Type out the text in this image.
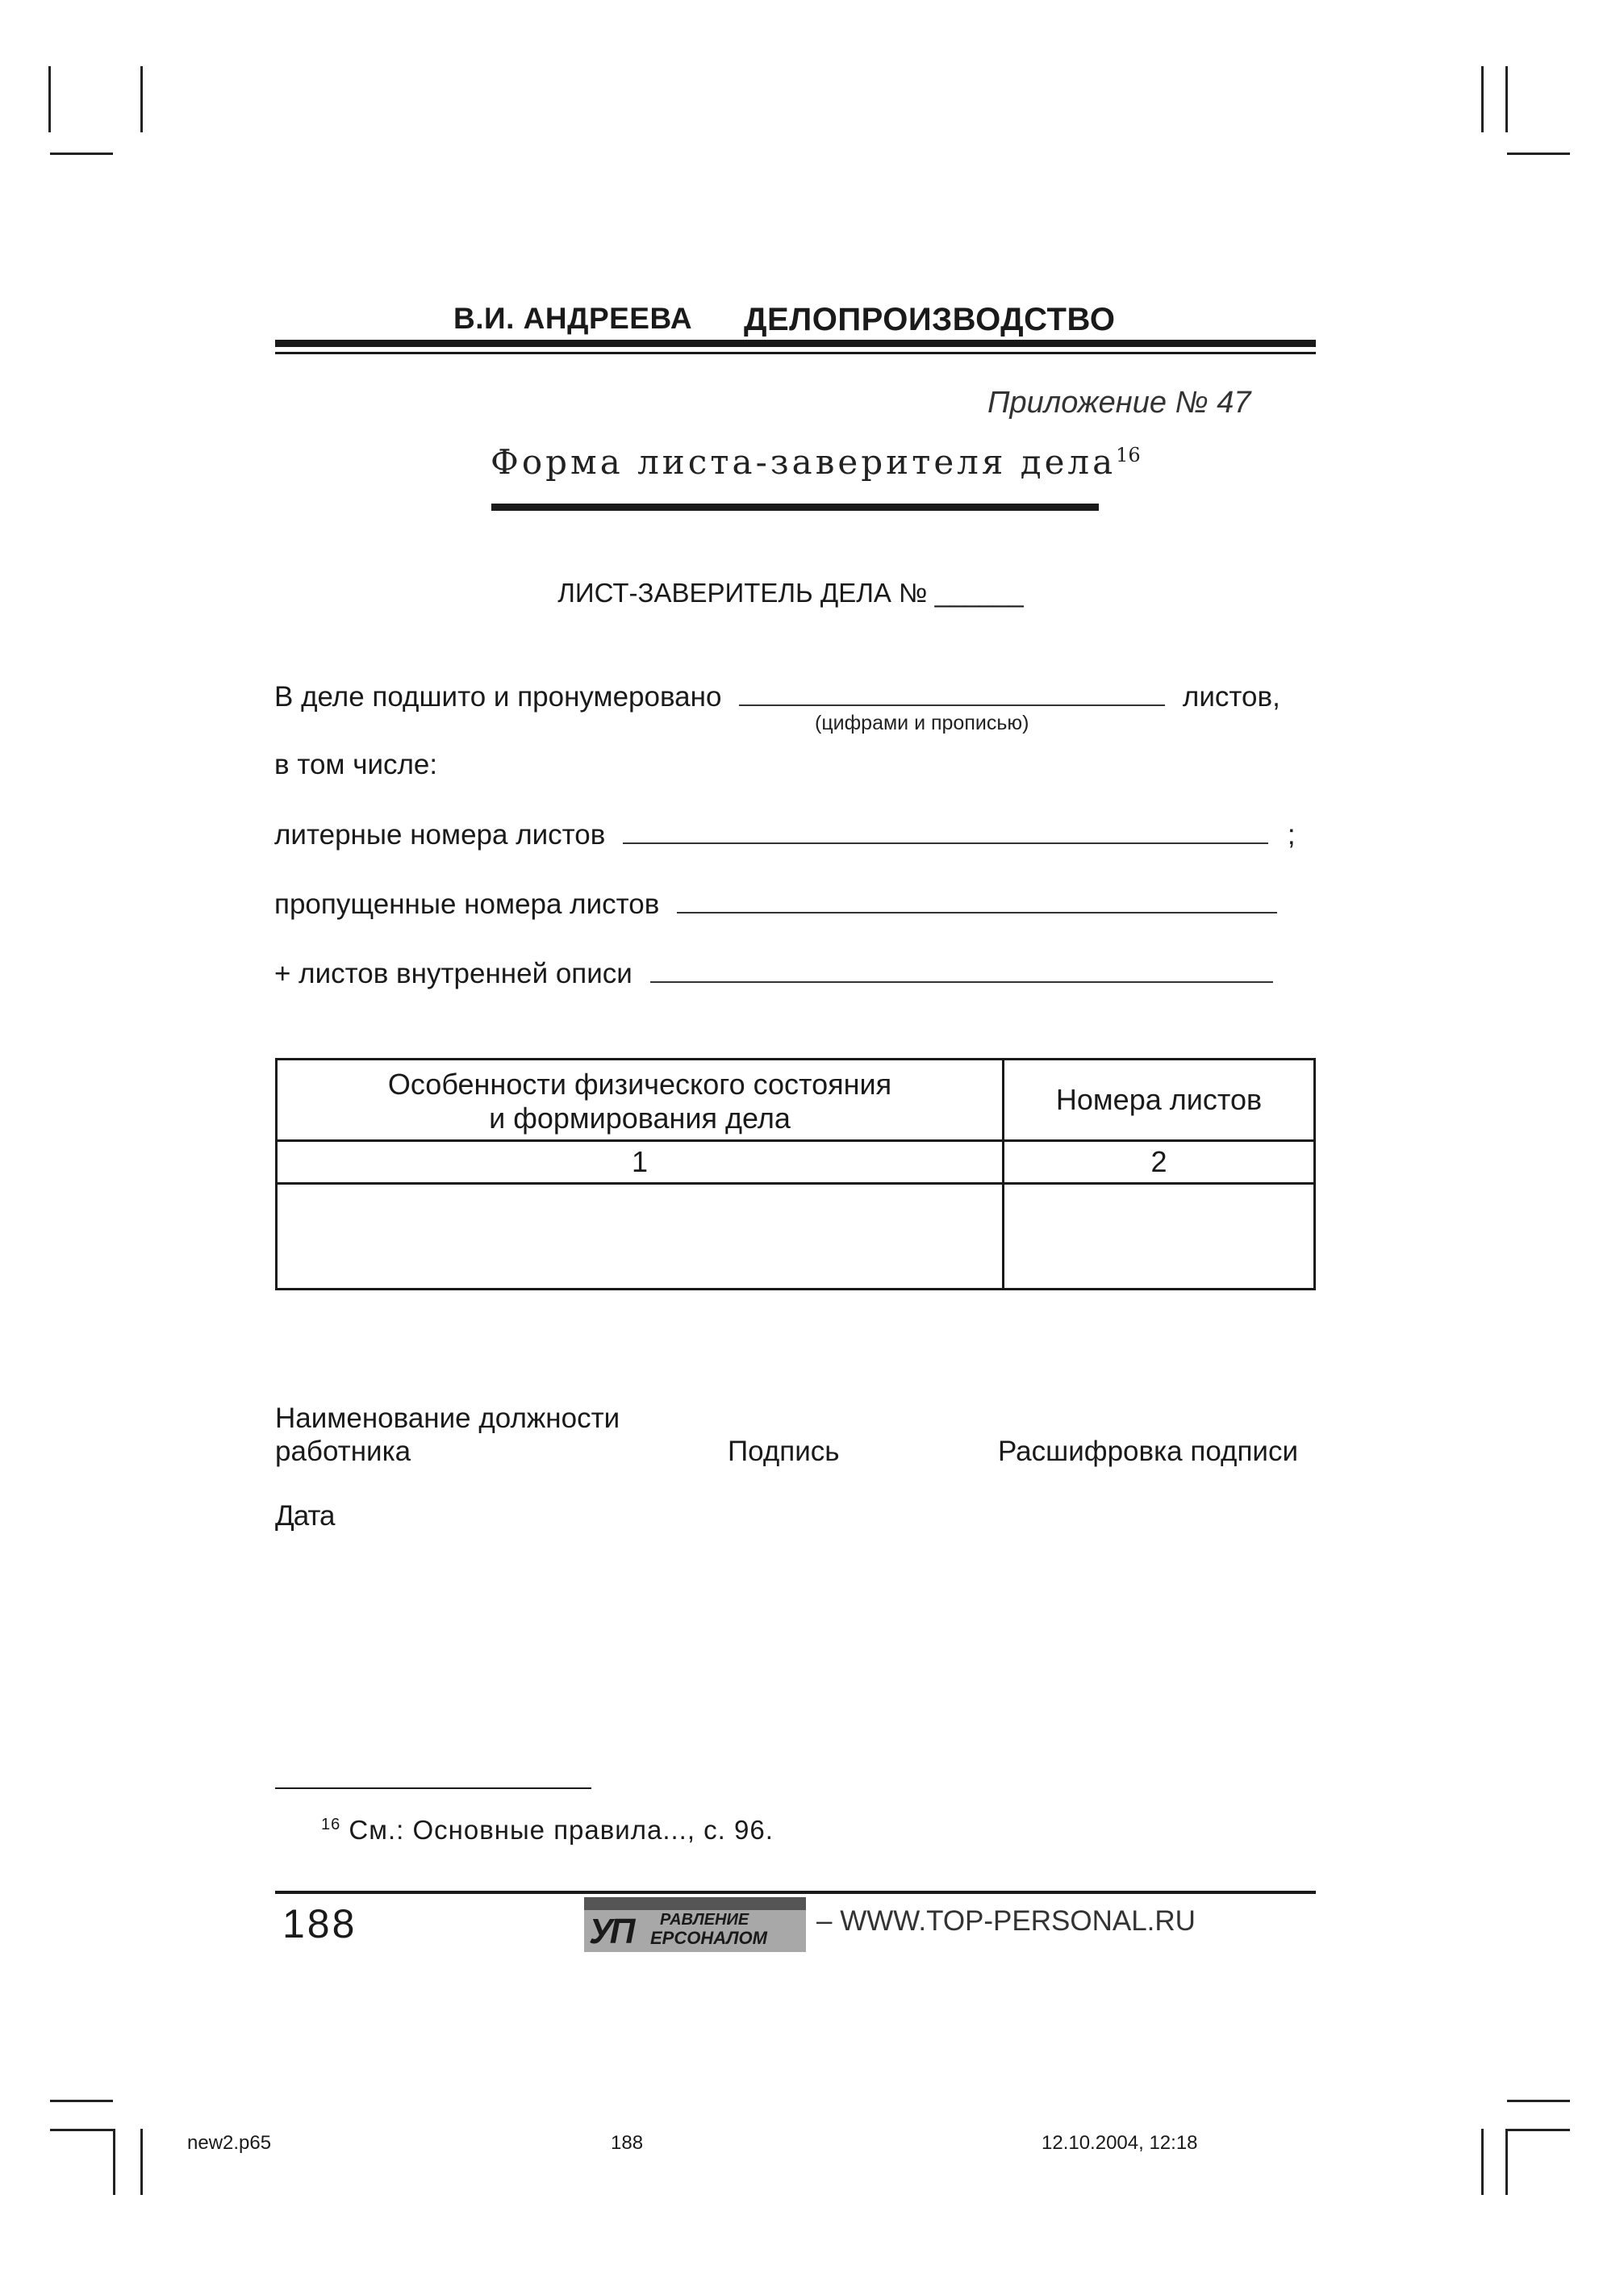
В.И. АНДРЕЕВА ДЕЛОПРОИЗВОДСТВО
Приложение № 47
Форма листа-заверителя дела$^{16}$
ЛИСТ-ЗАВЕРИТЕЛЬ ДЕЛА № ______
В деле подшито и пронумеровано	листов,
(цифрами и прописью)
в том числе:
литерные номера листов	;
пропущенные номера листов
+ листов внутренней описи
Особенности физического состояния
и формирования дела	Номера листов
1	2

Наименование должности
работника	Подпись	Расшифровка подписи
Дата
$^{16}$ См.: Основные правила..., с. 96.
188	УП РАВЛЕНИЕ
ЕРСОНАЛОМ
– WWW.TOP-PERSONAL.RU
new2.p65	188	12.10.2004, 12:18
